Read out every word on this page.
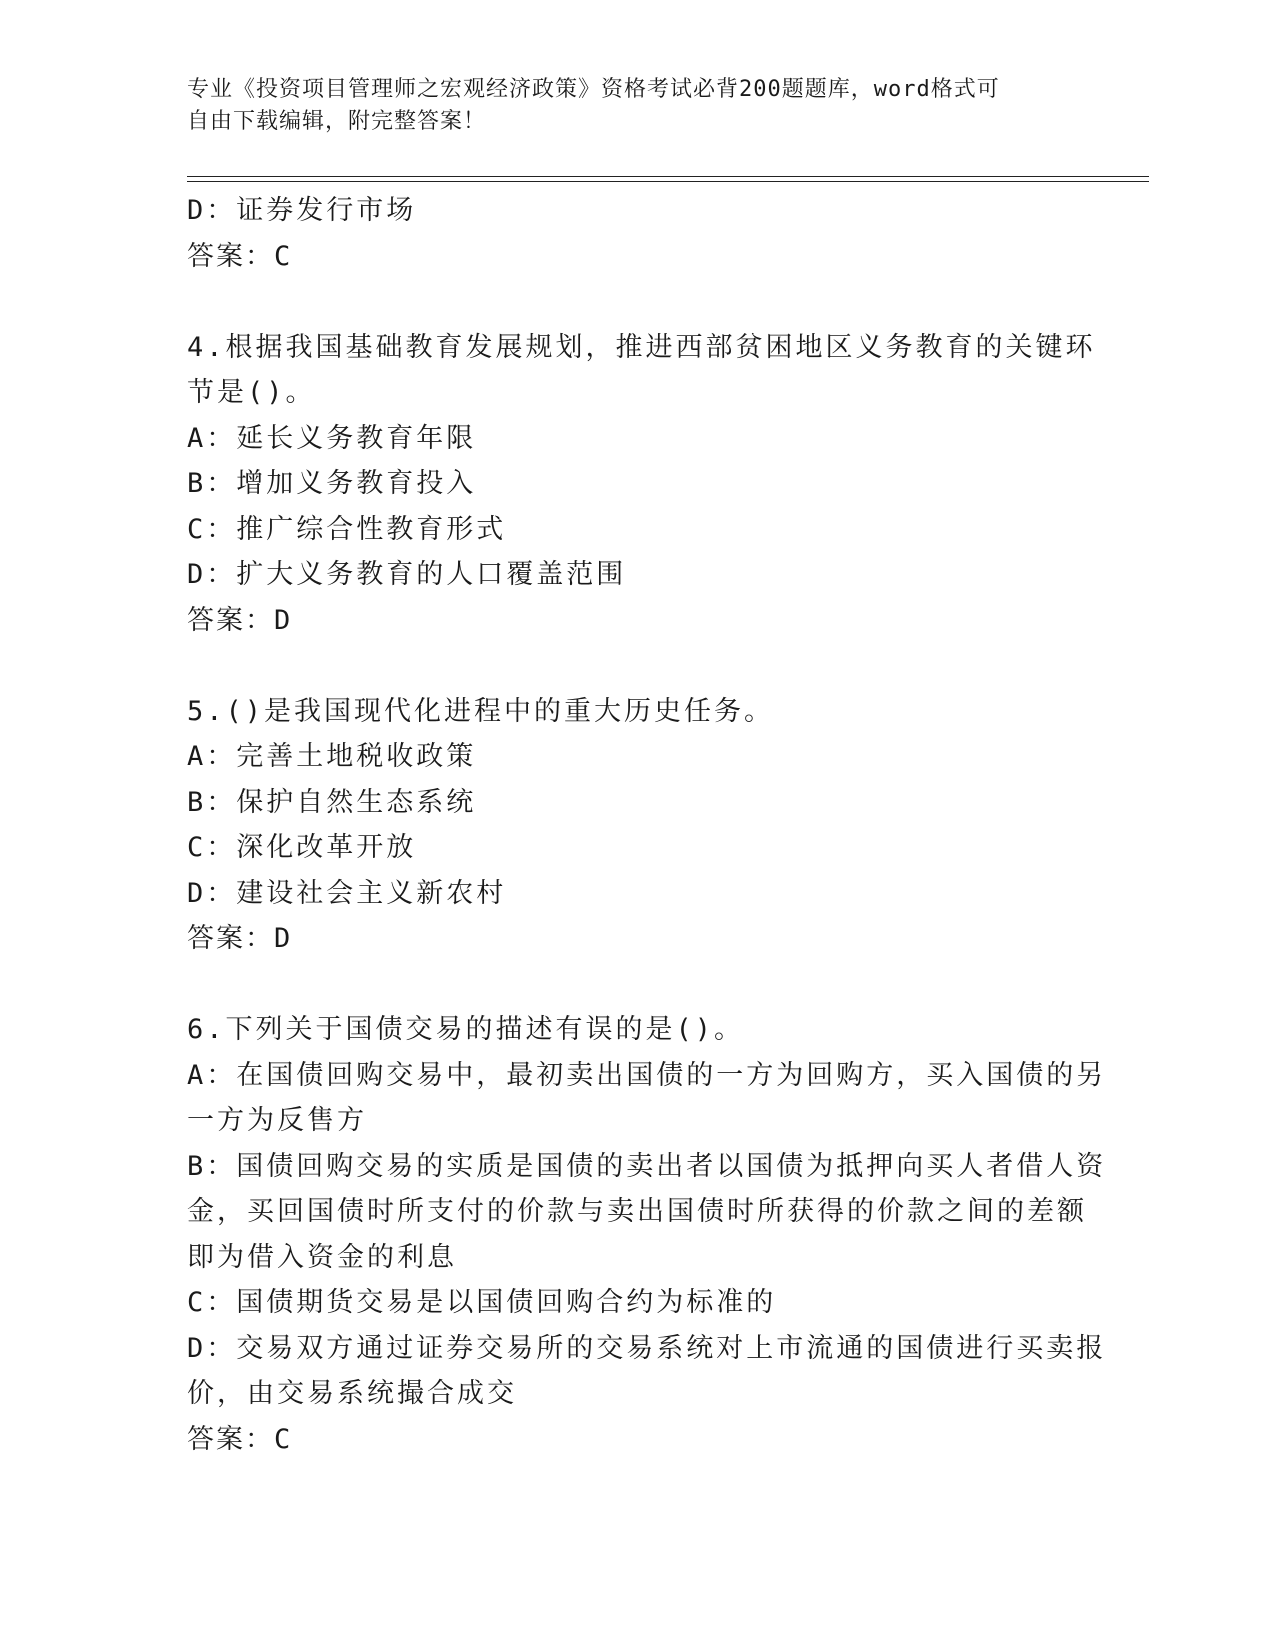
专业《投资项目管理师之宏观经济政策》资格考试必背200题题库，word格式可
自由下载编辑，附完整答案！
D：证券发行市场
答案：C
4.根据我国基础教育发展规划，推进西部贫困地区义务教育的关键环
节是()。
A：延长义务教育年限
B：增加义务教育投入
C：推广综合性教育形式
D：扩大义务教育的人口覆盖范围
答案：D
5.()是我国现代化进程中的重大历史任务。
A：完善土地税收政策
B：保护自然生态系统
C：深化改革开放
D：建设社会主义新农村
答案：D
6.下列关于国债交易的描述有误的是()。
A：在国债回购交易中，最初卖出国债的一方为回购方，买入国债的另
一方为反售方
B：国债回购交易的实质是国债的卖出者以国债为抵押向买人者借人资
金，买回国债时所支付的价款与卖出国债时所获得的价款之间的差额
即为借入资金的利息
C：国债期货交易是以国债回购合约为标准的
D：交易双方通过证券交易所的交易系统对上市流通的国债进行买卖报
价，由交易系统撮合成交
答案：C
